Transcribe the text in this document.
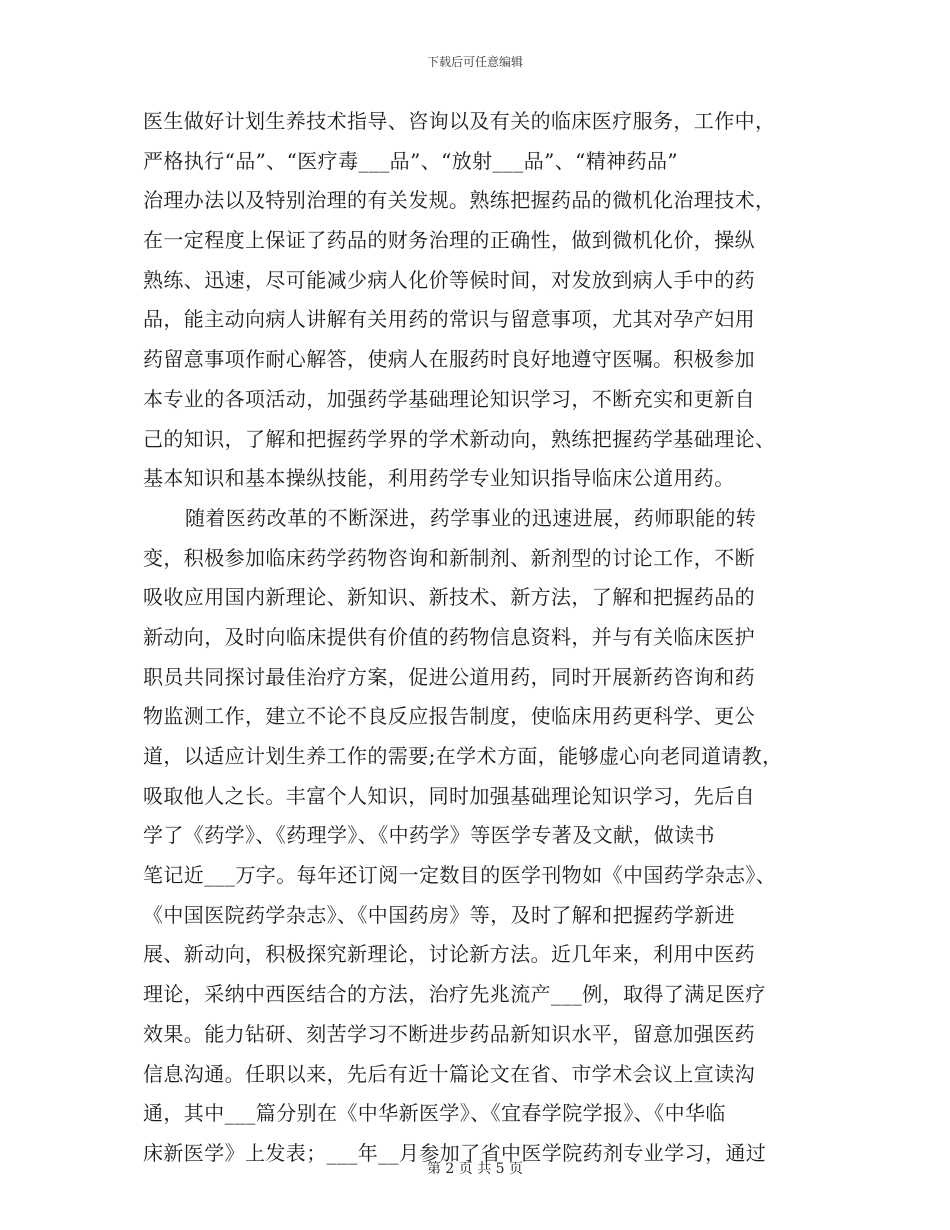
下载后可任意编辑
医生做好计划生养技术指导、咨询以及有关的临床医疗服务，工作中，
严格执行“品”、“医疗毒___品”、“放射___品”、“精神药品”
治理办法以及特别治理的有关发规。熟练把握药品的微机化治理技术，
在一定程度上保证了药品的财务治理的正确性，做到微机化价，操纵
熟练、迅速，尽可能减少病人化价等候时间，对发放到病人手中的药
品，能主动向病人讲解有关用药的常识与留意事项，尤其对孕产妇用
药留意事项作耐心解答，使病人在服药时良好地遵守医嘱。积极参加
本专业的各项活动，加强药学基础理论知识学习，不断充实和更新自
己的知识，了解和把握药学界的学术新动向，熟练把握药学基础理论、
基本知识和基本操纵技能，利用药学专业知识指导临床公道用药。
随着医药改革的不断深进，药学事业的迅速进展，药师职能的转
变，积极参加临床药学药物咨询和新制剂、新剂型的讨论工作，不断
吸收应用国内新理论、新知识、新技术、新方法，了解和把握药品的
新动向，及时向临床提供有价值的药物信息资料，并与有关临床医护
职员共同探讨最佳治疗方案，促进公道用药，同时开展新药咨询和药
物监测工作，建立不论不良反应报告制度，使临床用药更科学、更公
道，以适应计划生养工作的需要;在学术方面，能够虚心向老同道请教，
吸取他人之长。丰富个人知识，同时加强基础理论知识学习，先后自
学了《药学》、《药理学》、《中药学》等医学专著及文献，做读书
笔记近___万字。每年还订阅一定数目的医学刊物如《中国药学杂志》、
《中国医院药学杂志》、《中国药房》等，及时了解和把握药学新进
展、新动向，积极探究新理论，讨论新方法。近几年来，利用中医药
理论，采纳中西医结合的方法，治疗先兆流产___例，取得了满足医疗
效果。能力钻研、刻苦学习不断进步药品新知识水平，留意加强医药
信息沟通。任职以来，先后有近十篇论文在省、市学术会议上宣读沟
通，其中___篇分别在《中华新医学》、《宜春学院学报》、《中华临
床新医学》上发表；___年__月参加了省中医学院药剂专业学习，通过
第 2 页 共 5 页
